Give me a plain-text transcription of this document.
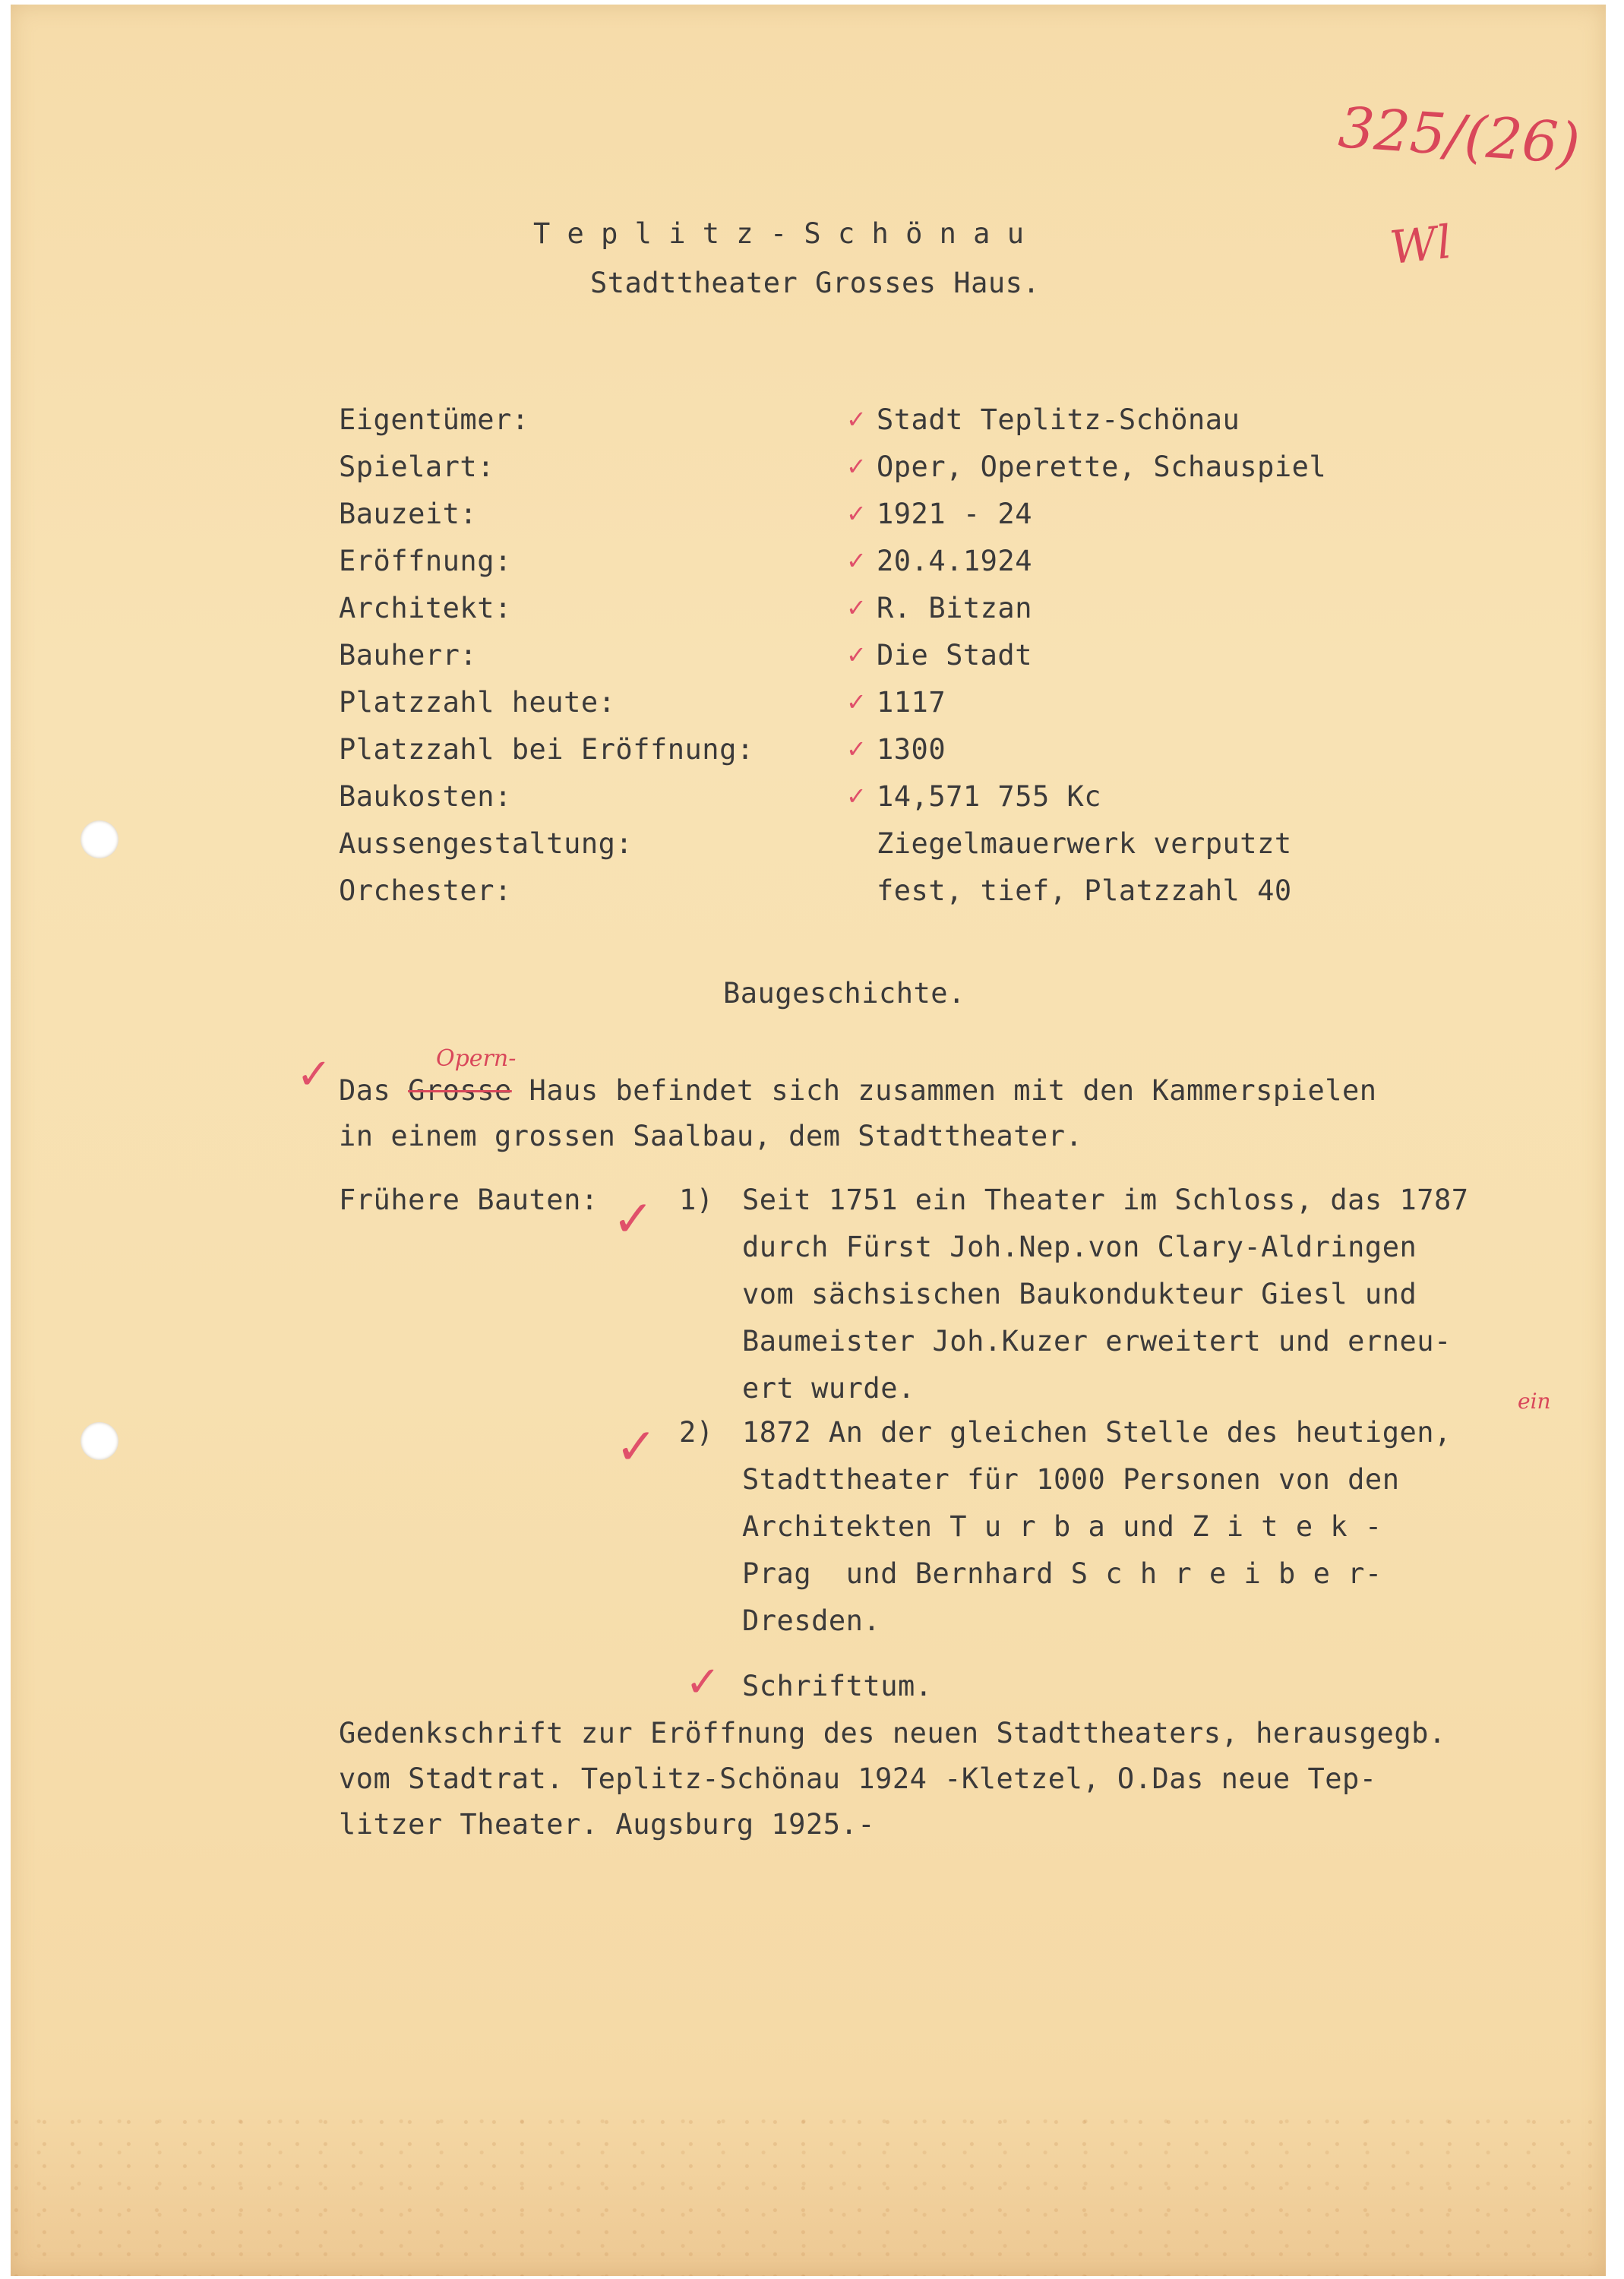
325/(26)
Wl
T e p l i t z - S c h ö n a u
Stadttheater Grosses Haus.
Eigentümer:	Stadt Teplitz-Schönau
✓
Spielart:	Oper, Operette, Schauspiel
✓
Bauzeit:	1921 - 24
✓
Eröffnung:	20.4.1924
✓
Architekt:	R. Bitzan
✓
Bauherr:	Die Stadt
✓
Platzzahl heute:	1117
✓
Platzzahl bei Eröffnung:	1300
✓
Baukosten:	14,571 755 Kc
✓
Aussengestaltung:	Ziegelmauerwerk verputzt
Orchester:	fest, tief, Platzzahl 40
Baugeschichte.
✓	Opern-
Das Grosse Haus befindet sich zusammen mit den Kammerspielen
in einem grossen Saalbau, dem Stadttheater.
Frühere Bauten: ✓ 1) Seit 1751 ein Theater im Schloss, das 1787
durch Fürst Joh.Nep.von Clary-Aldringen
vom sächsischen Baukondukteur Giesl und
Baumeister Joh.Kuzer erweitert und erneu-
ert wurde.
2) 1872 An der gleichen Stelle des heutigen,
Stadttheater für 1000 Personen von den
Architekten T u r b a und Z i t e k -
Prag  und Bernhard S c h r e i b e r-
Dresden.
✓
ein
✓ Schrifttum.
Gedenkschrift zur Eröffnung des neuen Stadttheaters, herausgegb.
vom Stadtrat. Teplitz-Schönau 1924 -Kletzel, O.Das neue Tep-
litzer Theater. Augsburg 1925.-
